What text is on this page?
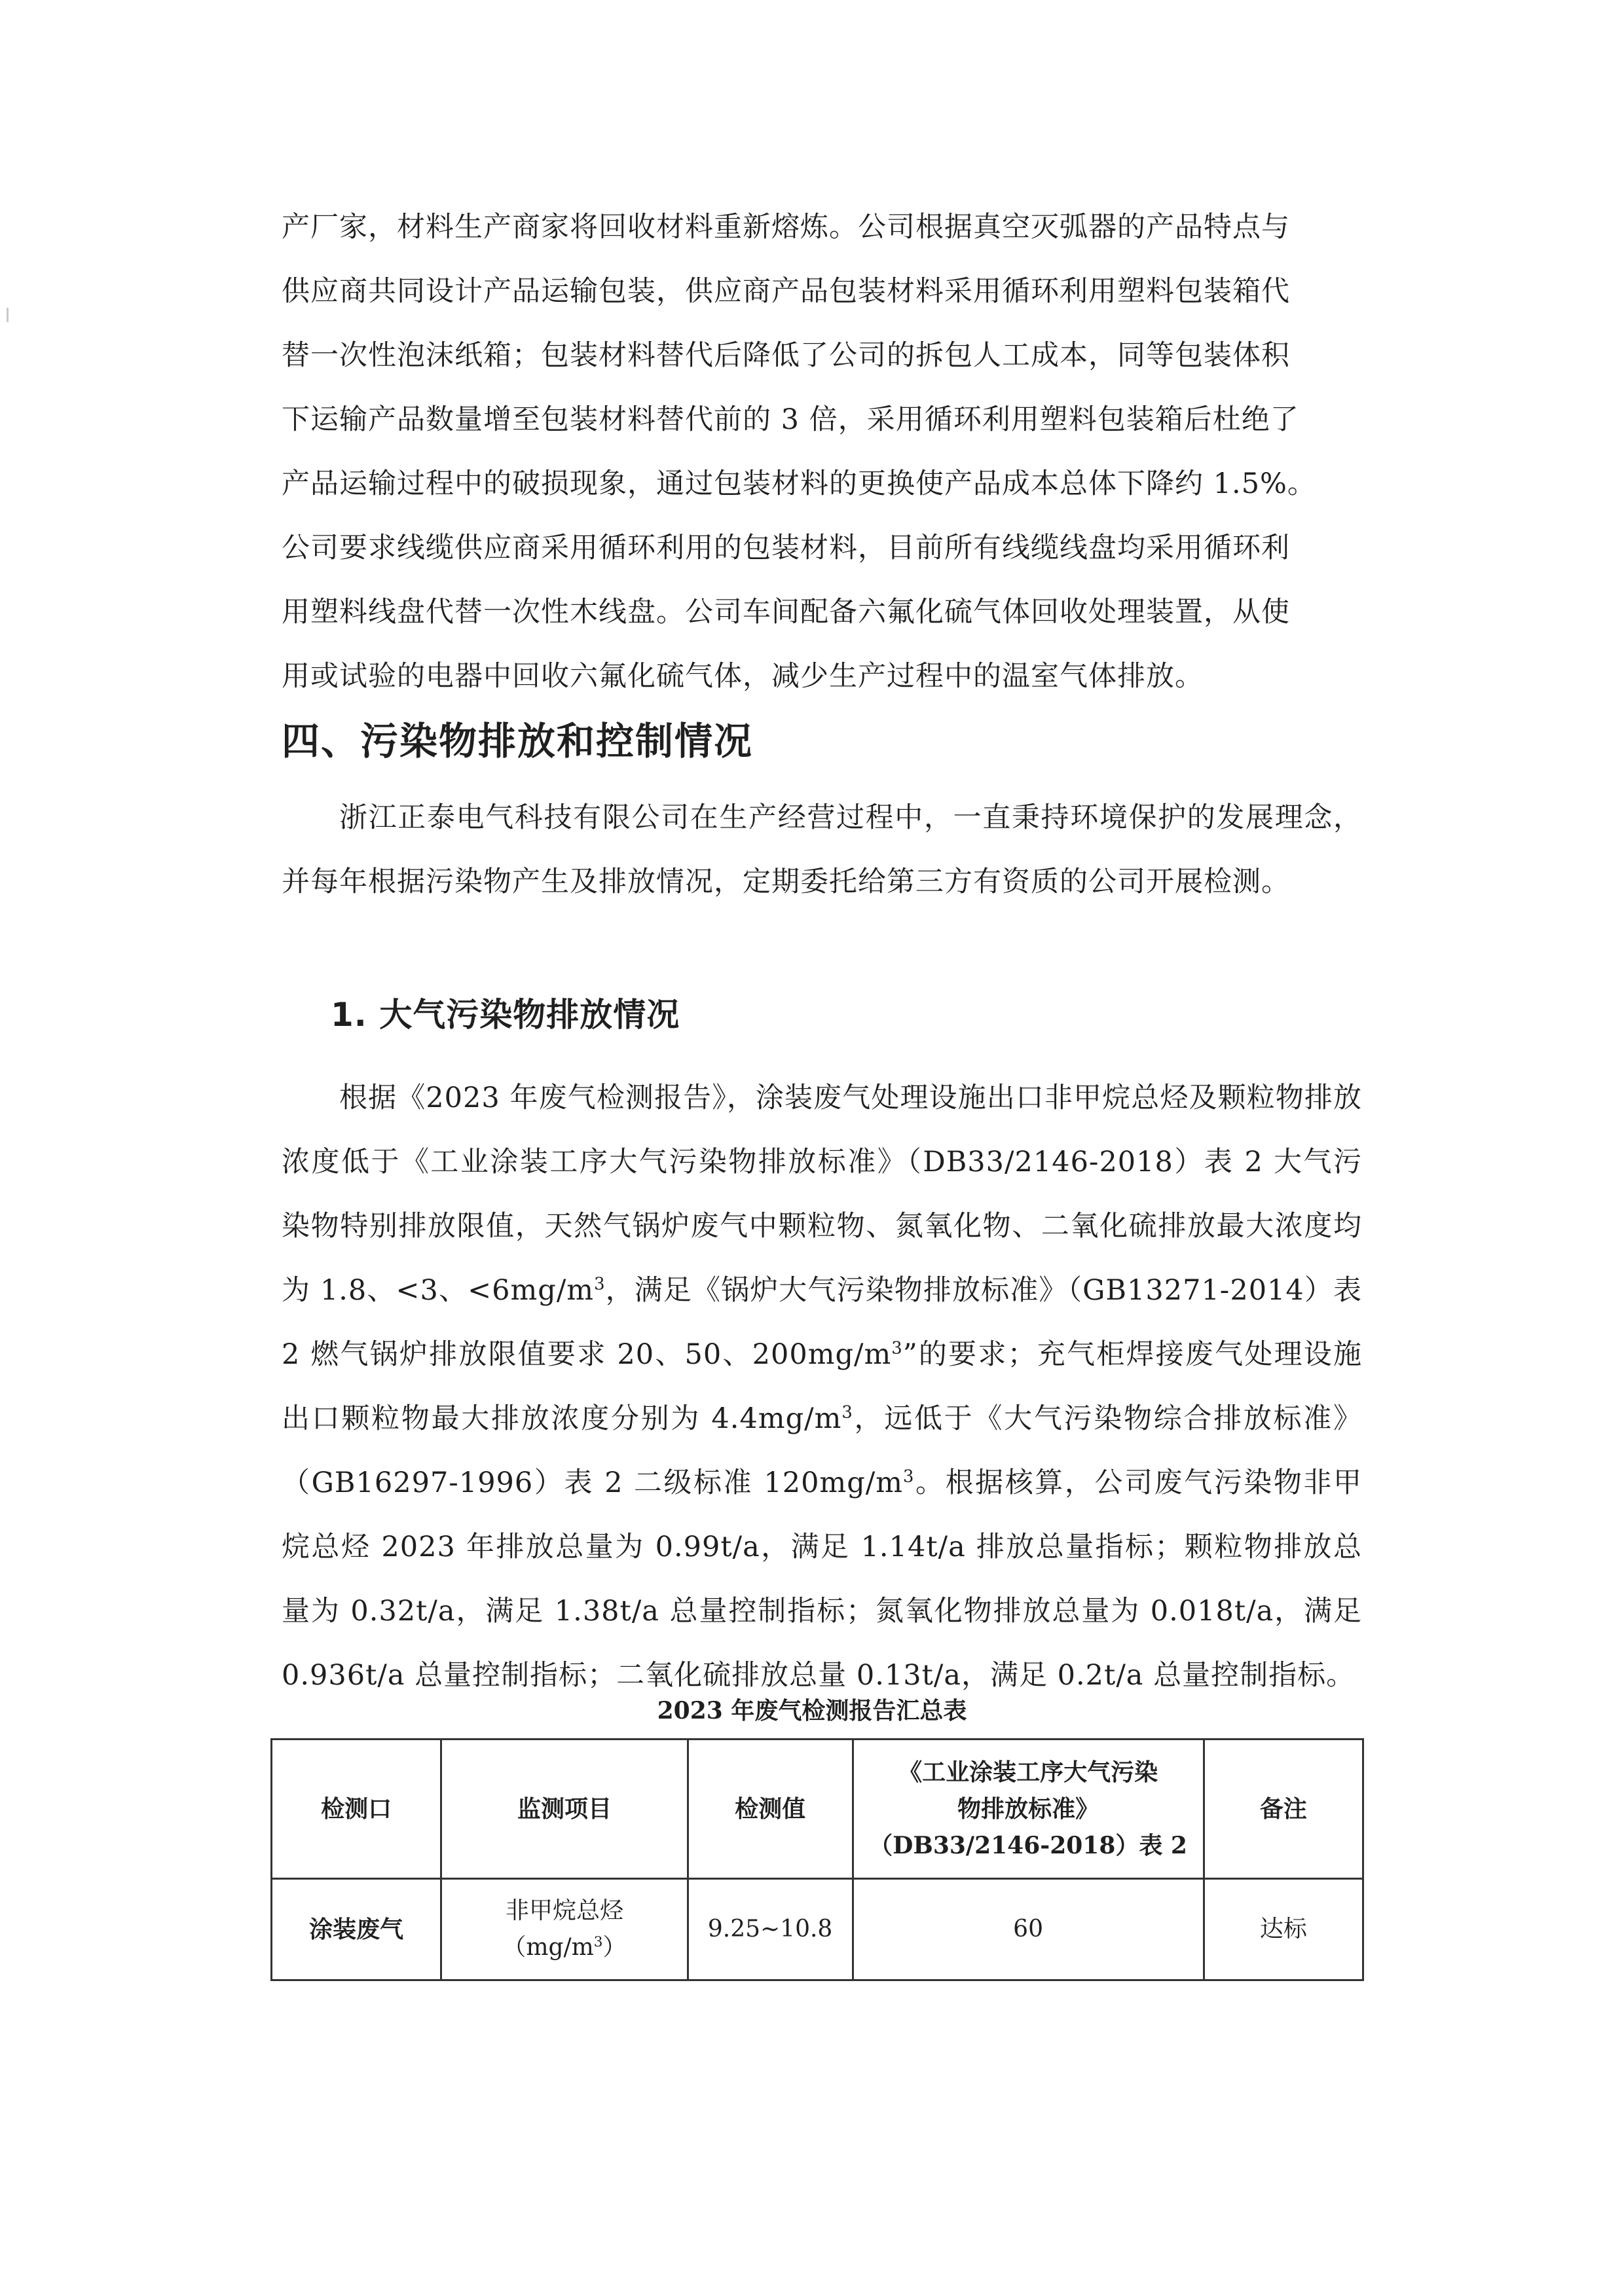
产厂家，材料生产商家将回收材料重新熔炼。公司根据真空灭弧器的产品特点与

供应商共同设计产品运输包装，供应商产品包装材料采用循环利用塑料包装箱代

替一次性泡沫纸箱；包装材料替代后降低了公司的拆包人工成本，同等包装体积

下运输产品数量增至包装材料替代前的 3 倍，采用循环利用塑料包装箱后杜绝了

产品运输过程中的破损现象，通过包装材料的更换使产品成本总体下降约 1.5%。

公司要求线缆供应商采用循环利用的包装材料，目前所有线缆线盘均采用循环利

用塑料线盘代替一次性木线盘。公司车间配备六氟化硫气体回收处理装置，从使

用或试验的电器中回收六氟化硫气体，减少生产过程中的温室气体排放。

四、污染物排放和控制情况

浙江正泰电气科技有限公司在生产经营过程中，一直秉持环境保护的发展理念，并每年根据污染物产生及排放情况，定期委托给第三方有资质的公司开展检测。

1. 大气污染物排放情况

根据《2023 年废气检测报告》，涂装废气处理设施出口非甲烷总烃及颗粒物排放浓度低于《工业涂装工序大气污染物排放标准》（DB33/2146-2018）表 2 大气污染物特别排放限值，天然气锅炉废气中颗粒物、氮氧化物、二氧化硫排放最大浓度均为 1.8、<3、$<6mg/m^3$，满足《锅炉大气污染物排放标准》（GB13271-2014）表 2 燃气锅炉排放限值要求 20、50、$200mg/m^3$”的要求；充气柜焊接废气处理设施出口颗粒物最大排放浓度分别为 $4.4mg/m^3$，远低于《大气污染物综合排放标准》（GB16297-1996）表 2 二级标准 $120mg/m^3$。根据核算，公司废气污染物非甲烷总烃 2023 年排放总量为 0.99t/a，满足 1.14t/a 排放总量指标；颗粒物排放总量为 0.32t/a，满足 1.38t/a 总量控制指标；氮氧化物排放总量为 0.018t/a，满足 0.936t/a 总量控制指标；二氧化硫排放总量 0.13t/a，满足 0.2t/a 总量控制指标。

2023 年废气检测报告汇总表
检测口	监测项目	检测值	《工业涂装工序大气污染
物排放标准》
（DB33/2146-2018）表 2	备注
涂装废气	非甲烷总烃
$(mg/m^3)$	9.25~10.8	60	达标
